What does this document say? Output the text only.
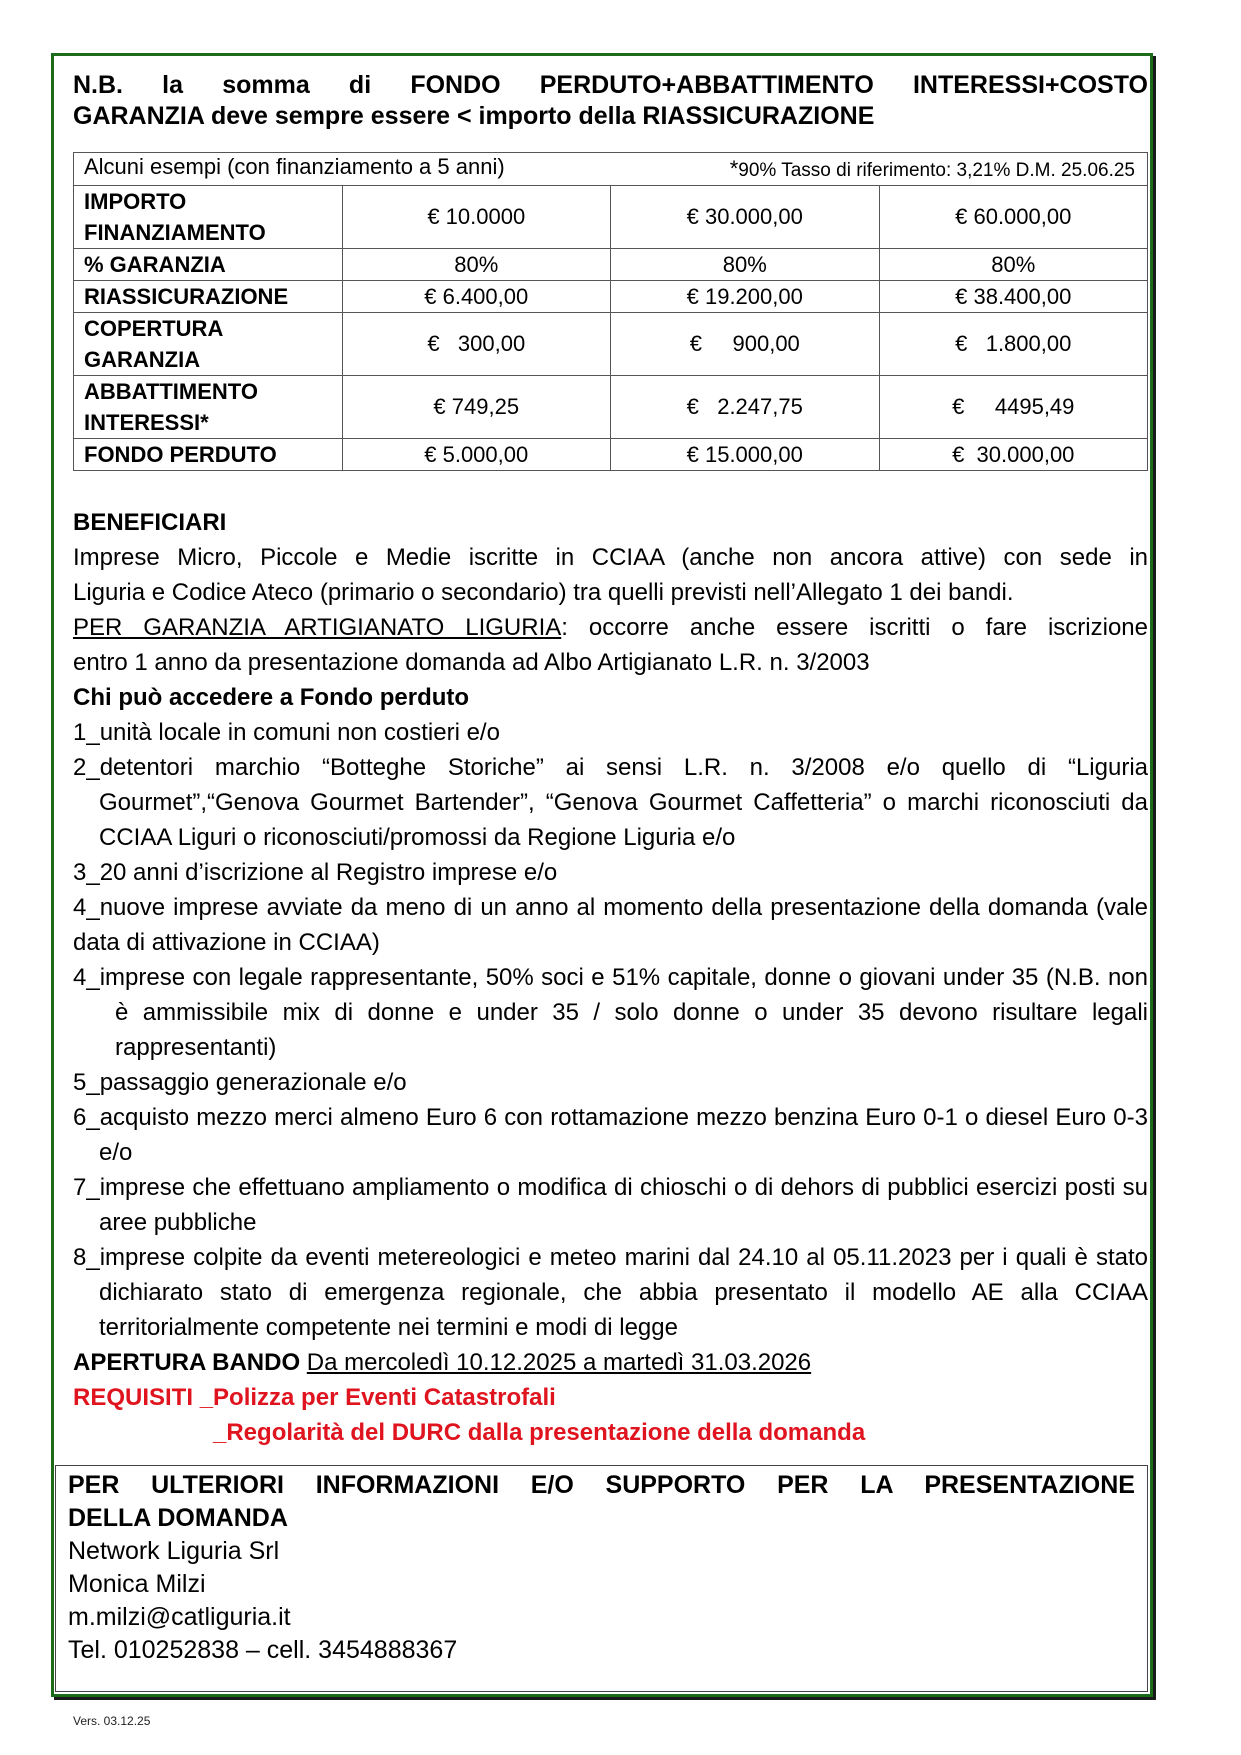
N.B. la somma di FONDO PERDUTO+ABBATTIMENTO INTERESSI+COSTO
GARANZIA deve sempre essere < importo della RIASSICURAZIONE
Alcuni esempi (con finanziamento a 5 anni) *90% Tasso di riferimento: 3,21% D.M. 25.06.25			

IMPORTO
FINANZIAMENTO	€ 10.0000	€ 30.000,00	€ 60.000,00
% GARANZIA	80%	80%	80%
RIASSICURAZIONE	€ 6.400,00	€ 19.200,00	€ 38.400,00
COPERTURA
GARANZIA	€   300,00	€     900,00	€   1.800,00
ABBATTIMENTO
INTERESSI*	€ 749,25	€   2.247,75	€     4495,49
FONDO PERDUTO	€ 5.000,00	€ 15.000,00	€  30.000,00
BENEFICIARI
Imprese Micro, Piccole e Medie iscritte in CCIAA (anche non ancora attive) con sede in
Liguria e Codice Ateco (primario o secondario) tra quelli previsti nell’Allegato 1 dei bandi.
PER GARANZIA ARTIGIANATO LIGURIA: occorre anche essere iscritti o fare iscrizione
entro 1 anno da presentazione domanda ad Albo Artigianato L.R. n. 3/2003
Chi può accedere a Fondo perduto
1_unità locale in comuni non costieri e/o
2_detentori marchio “Botteghe Storiche” ai sensi L.R. n. 3/2008 e/o quello di “Liguria Gourmet”,“Genova Gourmet Bartender”, “Genova Gourmet Caffetteria” o marchi riconosciuti da CCIAA Liguri o riconosciuti/promossi da Regione Liguria e/o
3_20 anni d’iscrizione al Registro imprese e/o
4_nuove imprese avviate da meno di un anno al momento della presentazione della domanda (vale data di attivazione in CCIAA)
4_imprese con legale rappresentante, 50% soci e 51% capitale, donne o giovani under 35 (N.B. non è ammissibile mix di donne e under 35 / solo donne o under 35 devono risultare legali rappresentanti)
5_passaggio generazionale e/o
6_acquisto mezzo merci almeno Euro 6 con rottamazione mezzo benzina Euro 0-1 o diesel Euro 0-3 e/o
7_imprese che effettuano ampliamento o modifica di chioschi o di dehors di pubblici esercizi posti su aree pubbliche
8_imprese colpite da eventi metereologici e meteo marini dal 24.10 al 05.11.2023 per i quali è stato dichiarato stato di emergenza regionale, che abbia presentato il modello AE alla CCIAA territorialmente competente nei termini e modi di legge
APERTURA BANDO Da mercoledì 10.12.2025 a martedì 31.03.2026
REQUISITI _Polizza per Eventi Catastrofali
_Regolarità del DURC dalla presentazione della domanda
PER ULTERIORI INFORMAZIONI E/O SUPPORTO PER LA PRESENTAZIONE
DELLA DOMANDA
Network Liguria Srl
Monica Milzi
m.milzi@catliguria.it
Tel. 010252838 – cell. 3454888367
Vers. 03.12.25
